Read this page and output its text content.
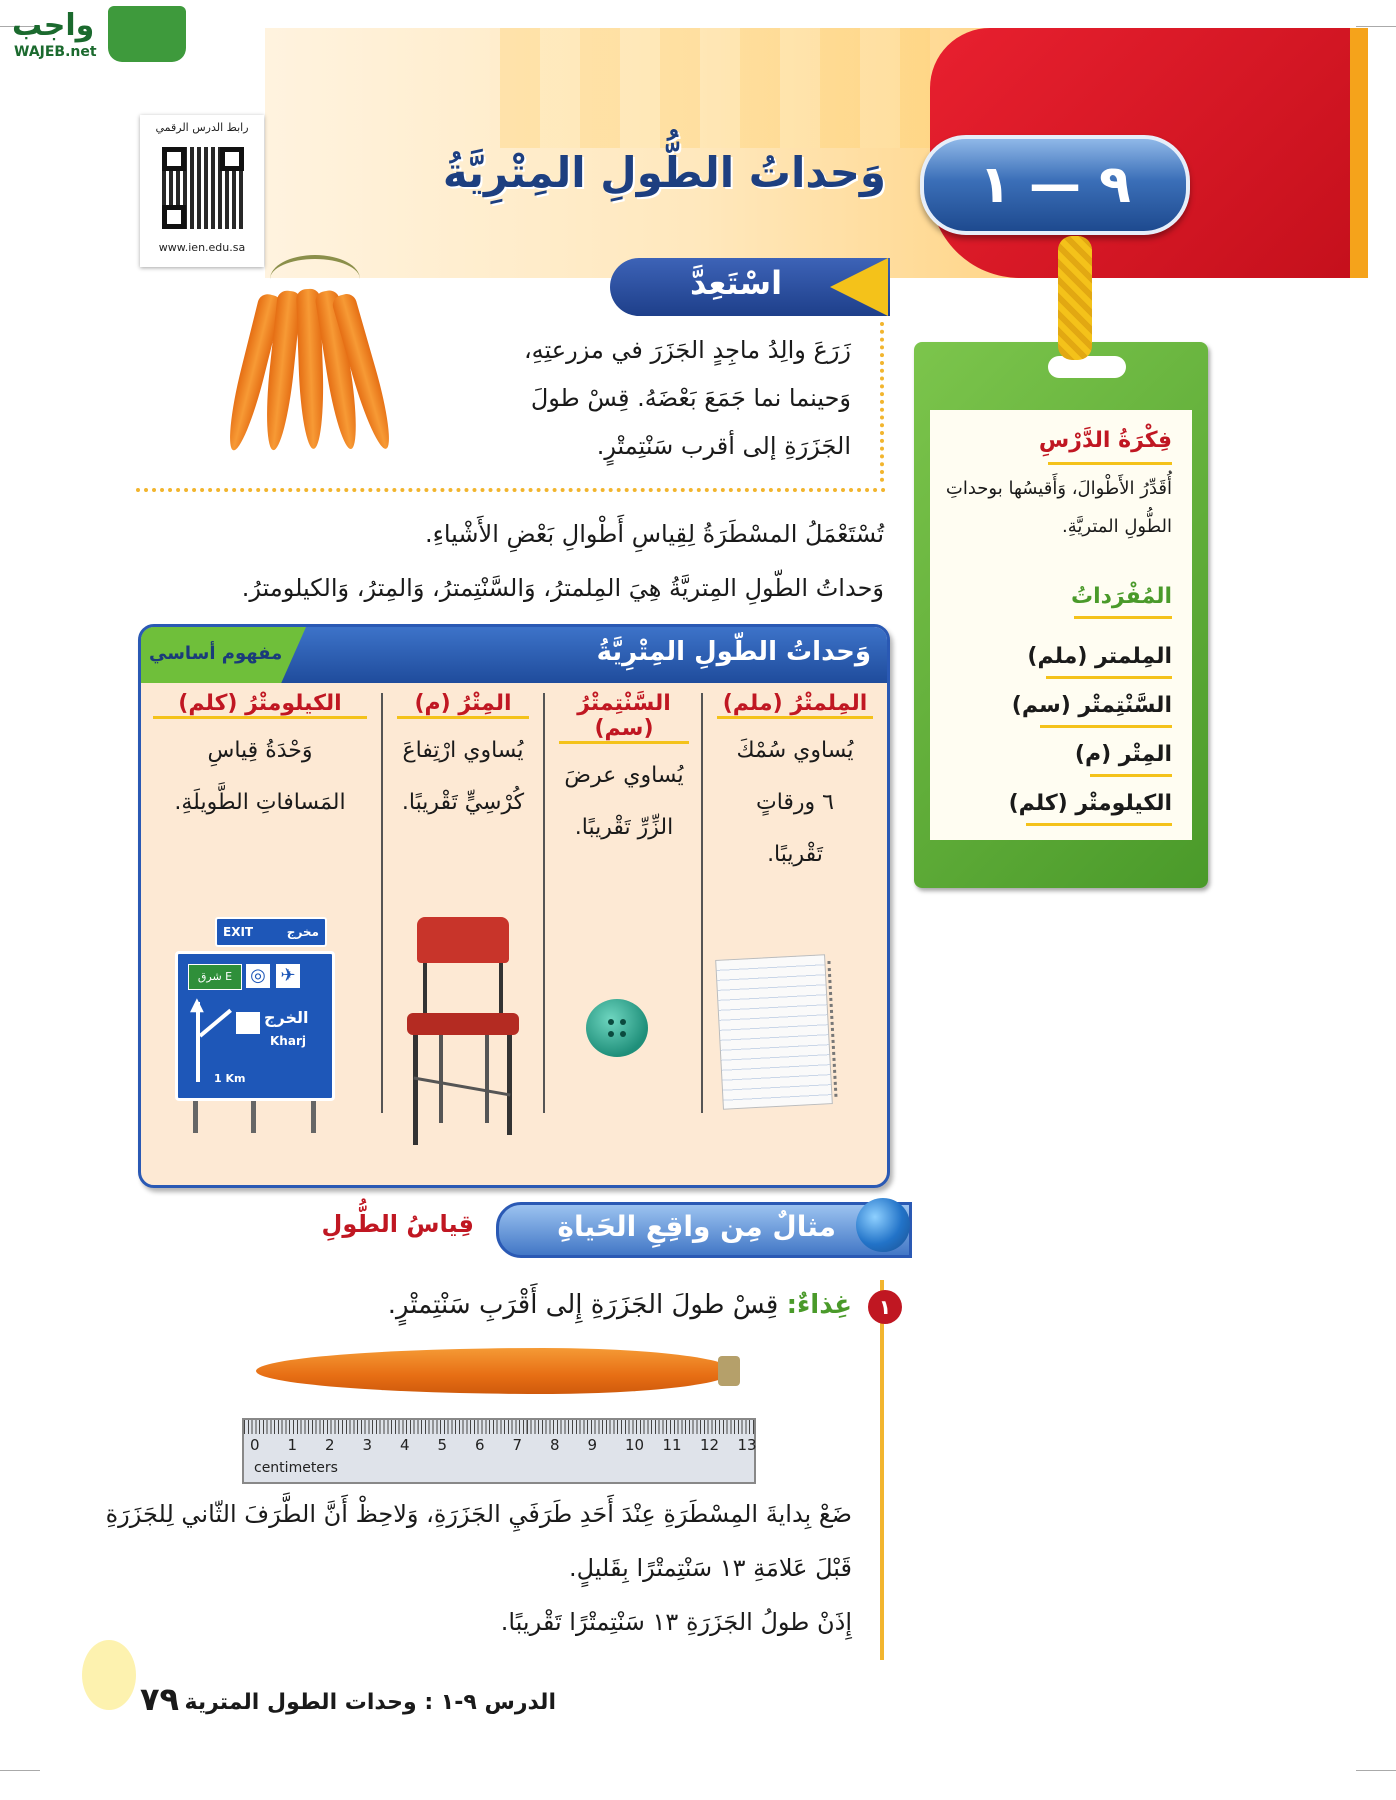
واجب
WAJEB.net
رابط الدرس الرقمي
www.ien.edu.sa
٩ — ١
وَحداتُ الطُّولِ المِتْرِيَّةُ
اسْتَعِدَّ
زَرَعَ والِدُ ماجِدٍ الجَزَرَ في مزرعتِهِ،
وَحينما نما جَمَعَ بَعْضَهُ. قِسْ طولَ
الجَزَرَةِ إلى أقرب سَنْتِمتْرٍ.	فِكْرَةُ الدَّرْسِ
أُقَدِّرُ الأَطْوالَ، وَأَقيسُها بوحداتِ الطُّولِ المتريَّةِ.
المُفْرَداتُ
المِلمتر (ملم)
السَّنْتِمتْر (سم)
المِتْر (م)
الكيلومتْر (كلم)
تُسْتَعْمَلُ المسْطَرَةُ لِقِياسِ أَطْوالِ بَعْضِ الأَشْياءِ.
وَحداتُ الطّولِ المِتريَّةُ هِيَ المِلمترُ، وَالسَّنْتِمترُ، وَالمِترُ، وَالكيلومترُ.
وَحداتُ الطّولِ المِتْرِيَّةُ
مفهوم أساسي
المِلمتْرُ (ملم)
يُساوي سُمْكَ
٦ ورقاتٍ
تَقْريبًا.
السَّنْتِمتْرُ (سم)
يُساوي عرضَ
الزِّرِّ تَقْريبًا.
المِتْرُ (م)
يُساوي ارْتِفاعَ
كُرْسِيٍّ تَقْريبًا.
الكيلومتْرُ (كلم)
وَحْدَةُ قِياسِ
المَسافاتِ الطَّويلَةِ.
EXIT	مخرج
شرق E	◎ ✈
▲
الخرج
Kharj
1 Km
مثالٌ مِن واقِعِ الحَياةِ
قِياسُ الطُّولِ
١
غِذاءٌ: قِسْ طولَ الجَزَرَةِ إِلى أَقْرَبِ سَنْتِمتْرٍ.
0 1 2 3 4 5 6 7 8 9 10 11 12 13
centimeters
ضَعْ بِدايةَ المِسْطَرَةِ عِنْدَ أَحَدِ طَرَفَيِ الجَزَرَةِ، وَلاحِظْ أَنَّ الطَّرَفَ الثّاني لِلجَزَرَةِ
قَبْلَ عَلامَةِ ١٣ سَنْتِمتْرًا بِقَليلٍ.
إِذَنْ طولُ الجَزَرَةِ ١٣ سَنْتِمتْرًا تَقْريبًا.
٧٩ الدرس ٩-١ : وحدات الطول المترية
